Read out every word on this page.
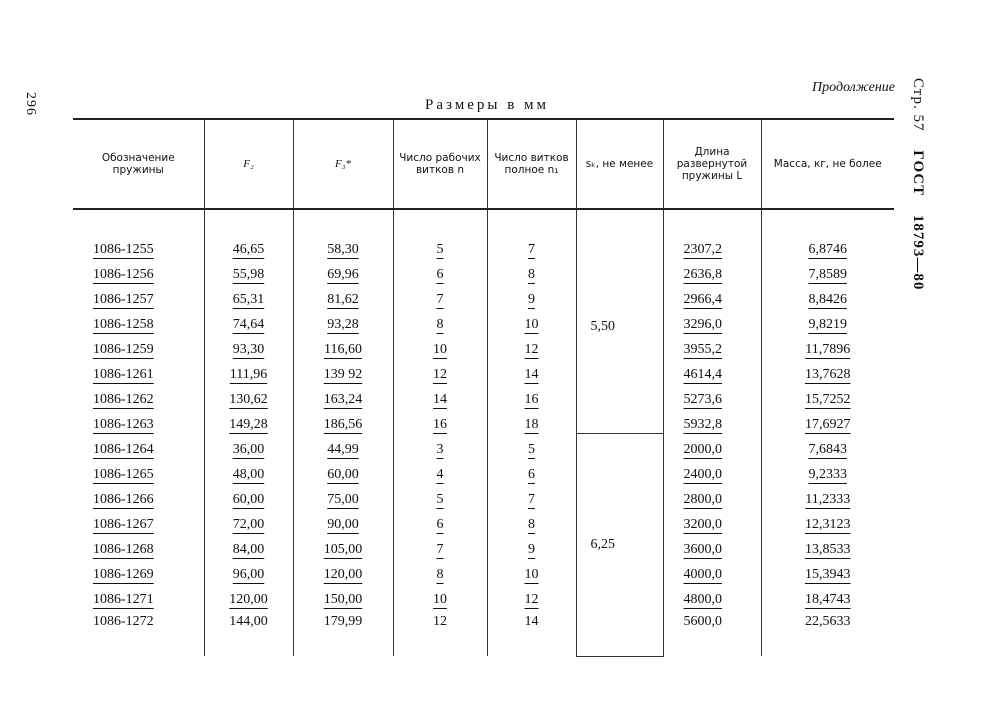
296
Продолжение
Размеры в мм	Стр. 57 ГОСТ 18793—80
Обозначение пружины	F₂	F₃*	Число рабочих витков n	Число витков полное n₁	sₖ, не менее	Длина развернутой пружины L	Масса, кг, не более
1086-1255	46,65	58,30	5	7	5,50	2307,2	6,8746
1086-1256	55,98	69,96	6	8		2636,8	7,8589
1086-1257	65,31	81,62	7	9		2966,4	8,8426
1086-1258	74,64	93,28	8	10		3296,0	9,8219
1086-1259	93,30	116,60	10	12		3955,2	11,7896
1086-1261	111,96	139 92	12	14		4614,4	13,7628
1086-1262	130,62	163,24	14	16		5273,6	15,7252
1086-1263	149,28	186,56	16	18		5932,8	17,6927
1086-1264	36,00	44,99	3	5	6,25	2000,0	7,6843
1086-1265	48,00	60,00	4	6		2400,0	9,2333
1086-1266	60,00	75,00	5	7		2800,0	11,2333
1086-1267	72,00	90,00	6	8		3200,0	12,3123
1086-1268	84,00	105,00	7	9		3600,0	13,8533
1086-1269	96,00	120,00	8	10		4000,0	15,3943
1086-1271	120,00	150,00	10	12		4800,0	18,4743
1086-1272	144,00	179,99	12	14		5600,0	22,5633
